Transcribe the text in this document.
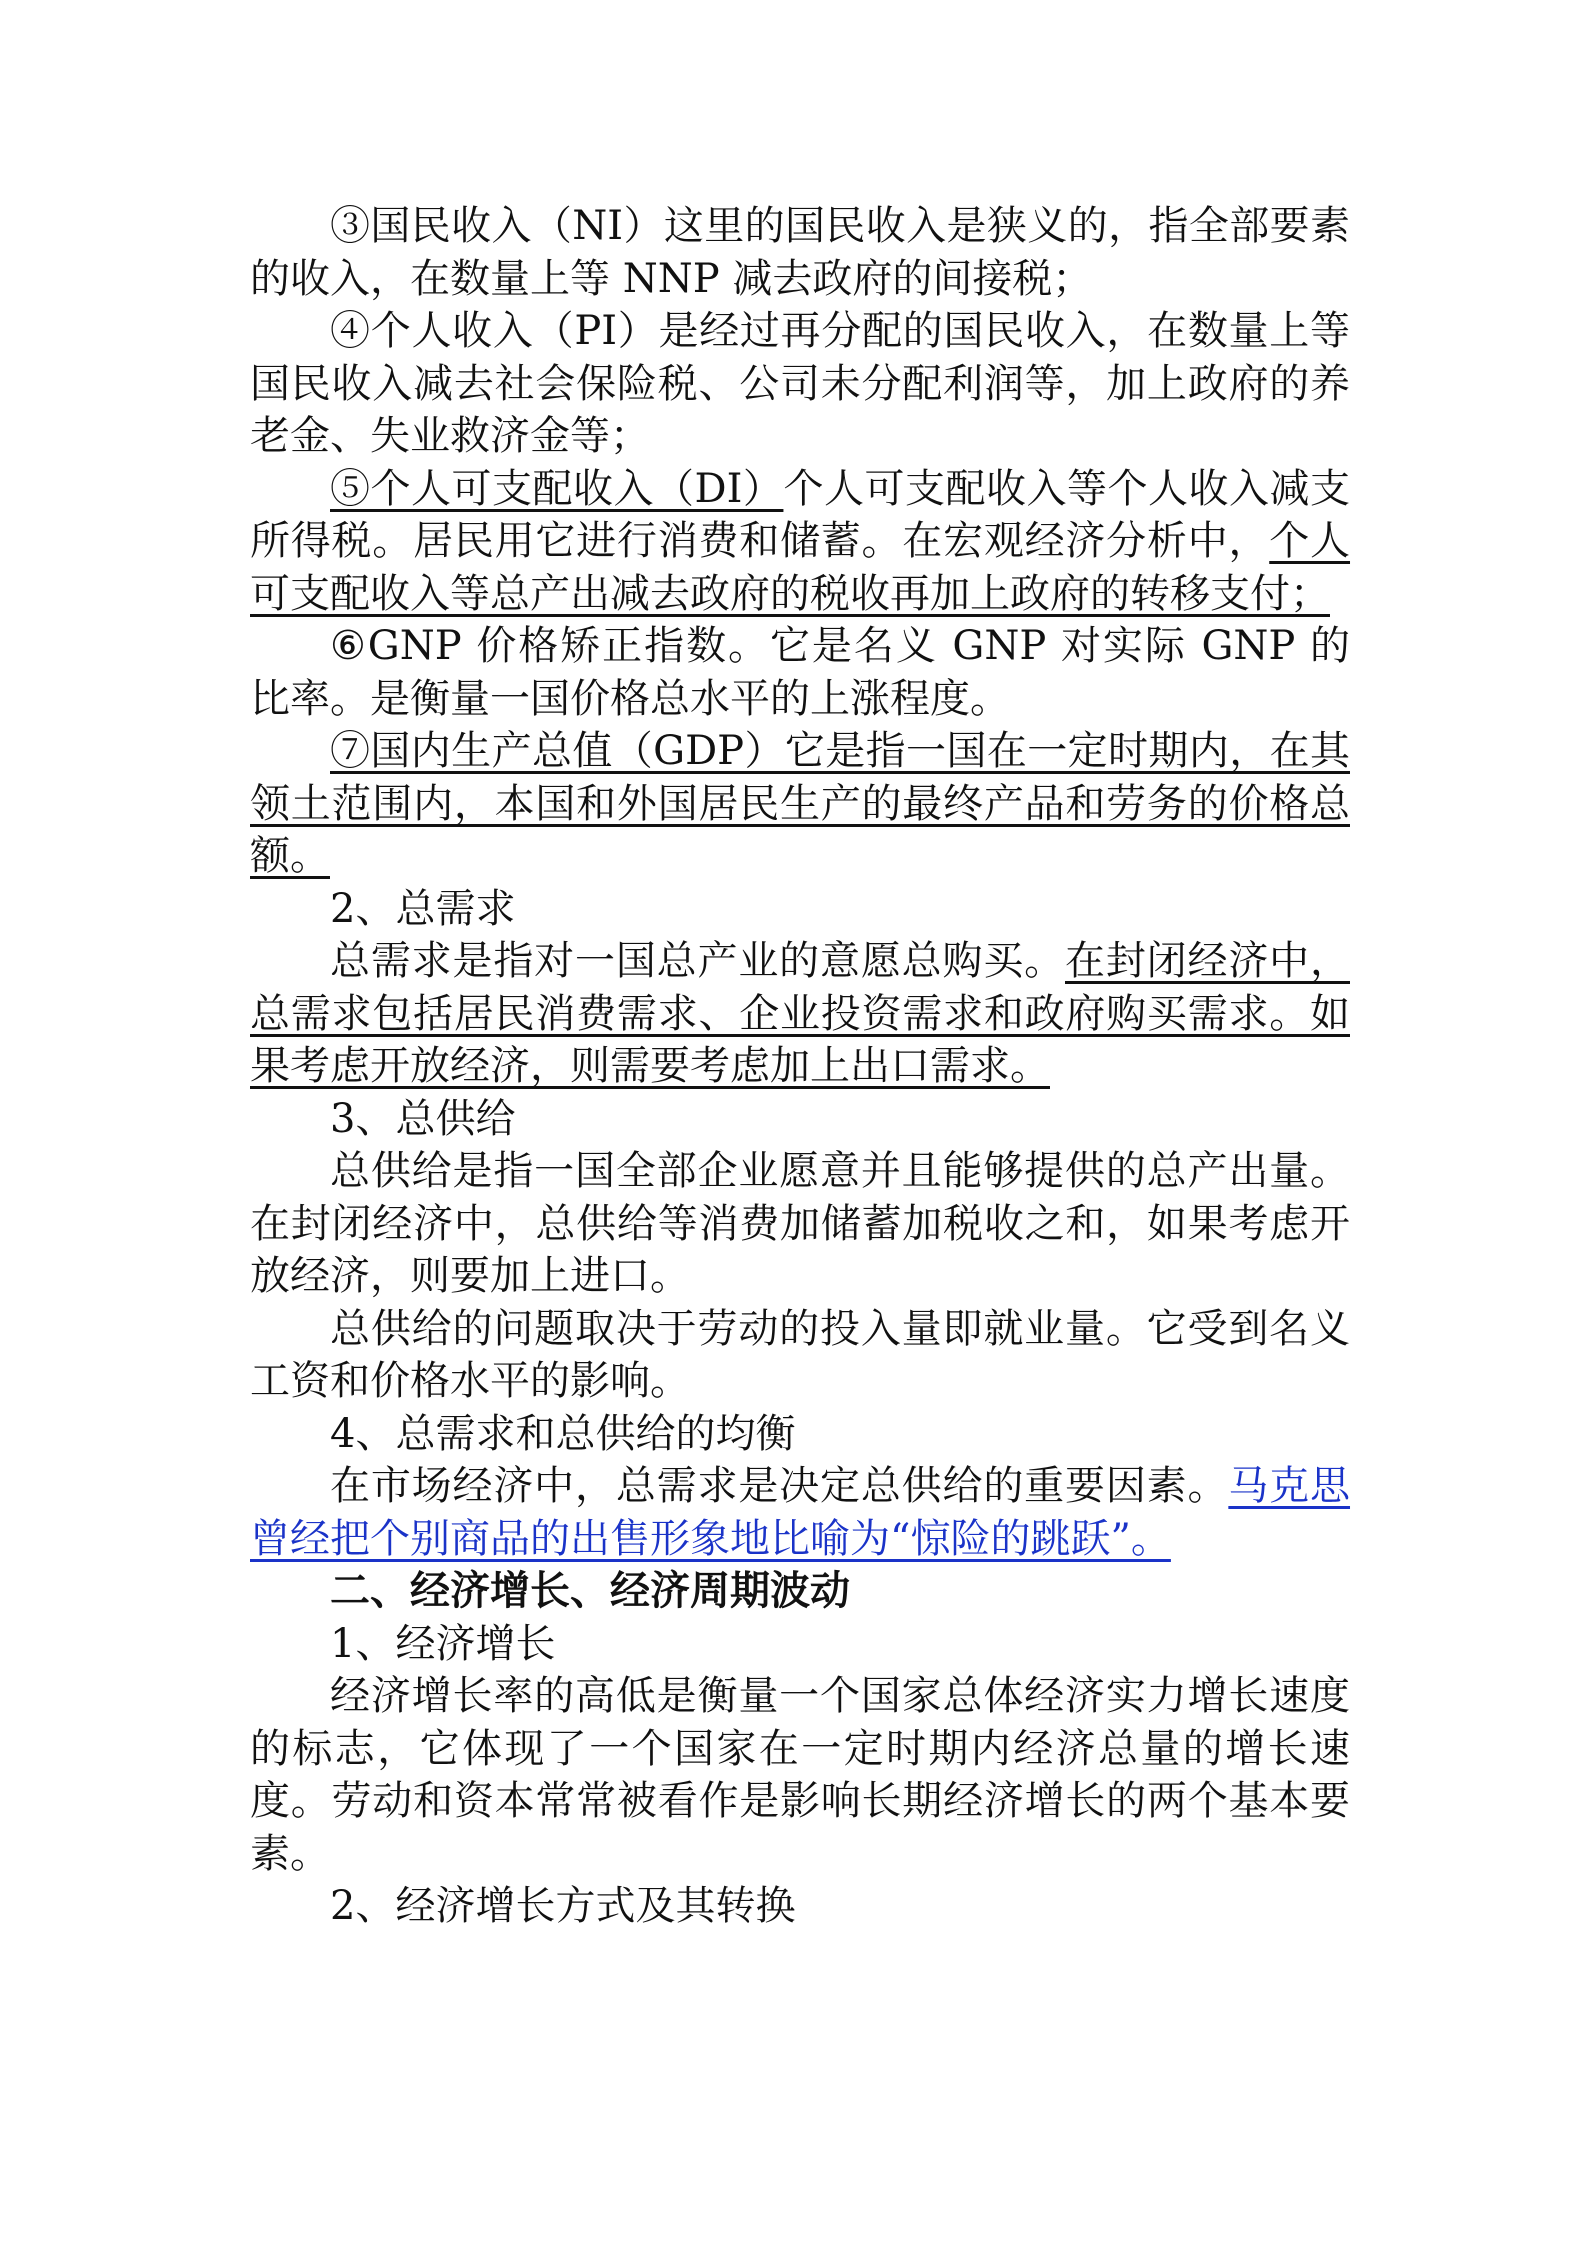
③国民收入（NI）这里的国民收入是狭义的，指全部要素的收入，在数量上等 NNP 减去政府的间接税；

④个人收入（PI）是经过再分配的国民收入，在数量上等国民收入减去社会保险税、公司未分配利润等，加上政府的养老金、失业救济金等；

⑤个人可支配收入（DI）个人可支配收入等个人收入减支所得税。居民用它进行消费和储蓄。在宏观经济分析中，个人可支配收入等总产出减去政府的税收再加上政府的转移支付；

⑥GNP 价格矫正指数。它是名义 GNP 对实际 GNP 的比率。是衡量一国价格总水平的上涨程度。

⑦国内生产总值（GDP）它是指一国在一定时期内，在其领土范围内，本国和外国居民生产的最终产品和劳务的价格总额。

2、总需求

总需求是指对一国总产业的意愿总购买。在封闭经济中，总需求包括居民消费需求、企业投资需求和政府购买需求。如果考虑开放经济，则需要考虑加上出口需求。

3、总供给

总供给是指一国全部企业愿意并且能够提供的总产出量。在封闭经济中，总供给等消费加储蓄加税收之和，如果考虑开放经济，则要加上进口。

总供给的问题取决于劳动的投入量即就业量。它受到名义工资和价格水平的影响。

4、总需求和总供给的均衡

在市场经济中，总需求是决定总供给的重要因素。马克思曾经把个别商品的出售形象地比喻为“惊险的跳跃”。

二、经济增长、经济周期波动

1、经济增长

经济增长率的高低是衡量一个国家总体经济实力增长速度的标志，它体现了一个国家在一定时期内经济总量的增长速度。劳动和资本常常被看作是影响长期经济增长的两个基本要素。

2、经济增长方式及其转换
